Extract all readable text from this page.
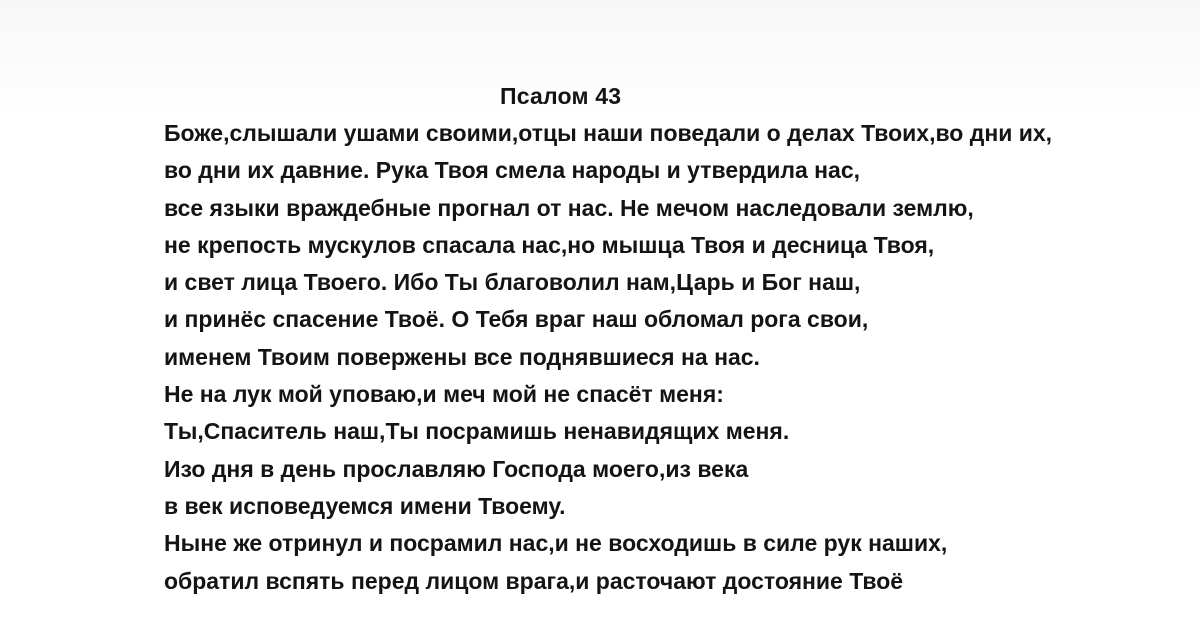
Псалом 43
Боже,слышали ушами своими,отцы наши поведали о делах Твоих,во дни их,
во дни их давние. Рука Твоя смела народы и утвердила нас,
все языки враждебные прогнал от нас. Не мечом наследовали землю,
не крепость мускулов спасала нас,но мышца Твоя и десница Твоя,
и свет лица Твоего. Ибо Ты благоволил нам,Царь и Бог наш,
и принёс спасение Твоё. О Тебя враг наш обломал рога свои,
именем Твоим повержены все поднявшиеся на нас.
Не на лук мой уповаю,и меч мой не спасёт меня:
Ты,Спаситель наш,Ты посрамишь ненавидящих меня.
Изо дня в день прославляю Господа моего,из века
в век исповедуемся имени Твоему.
Ныне же отринул и посрамил нас,и не восходишь в силе рук наших,
обратил вспять перед лицом врага,и расточают достояние Твоё
